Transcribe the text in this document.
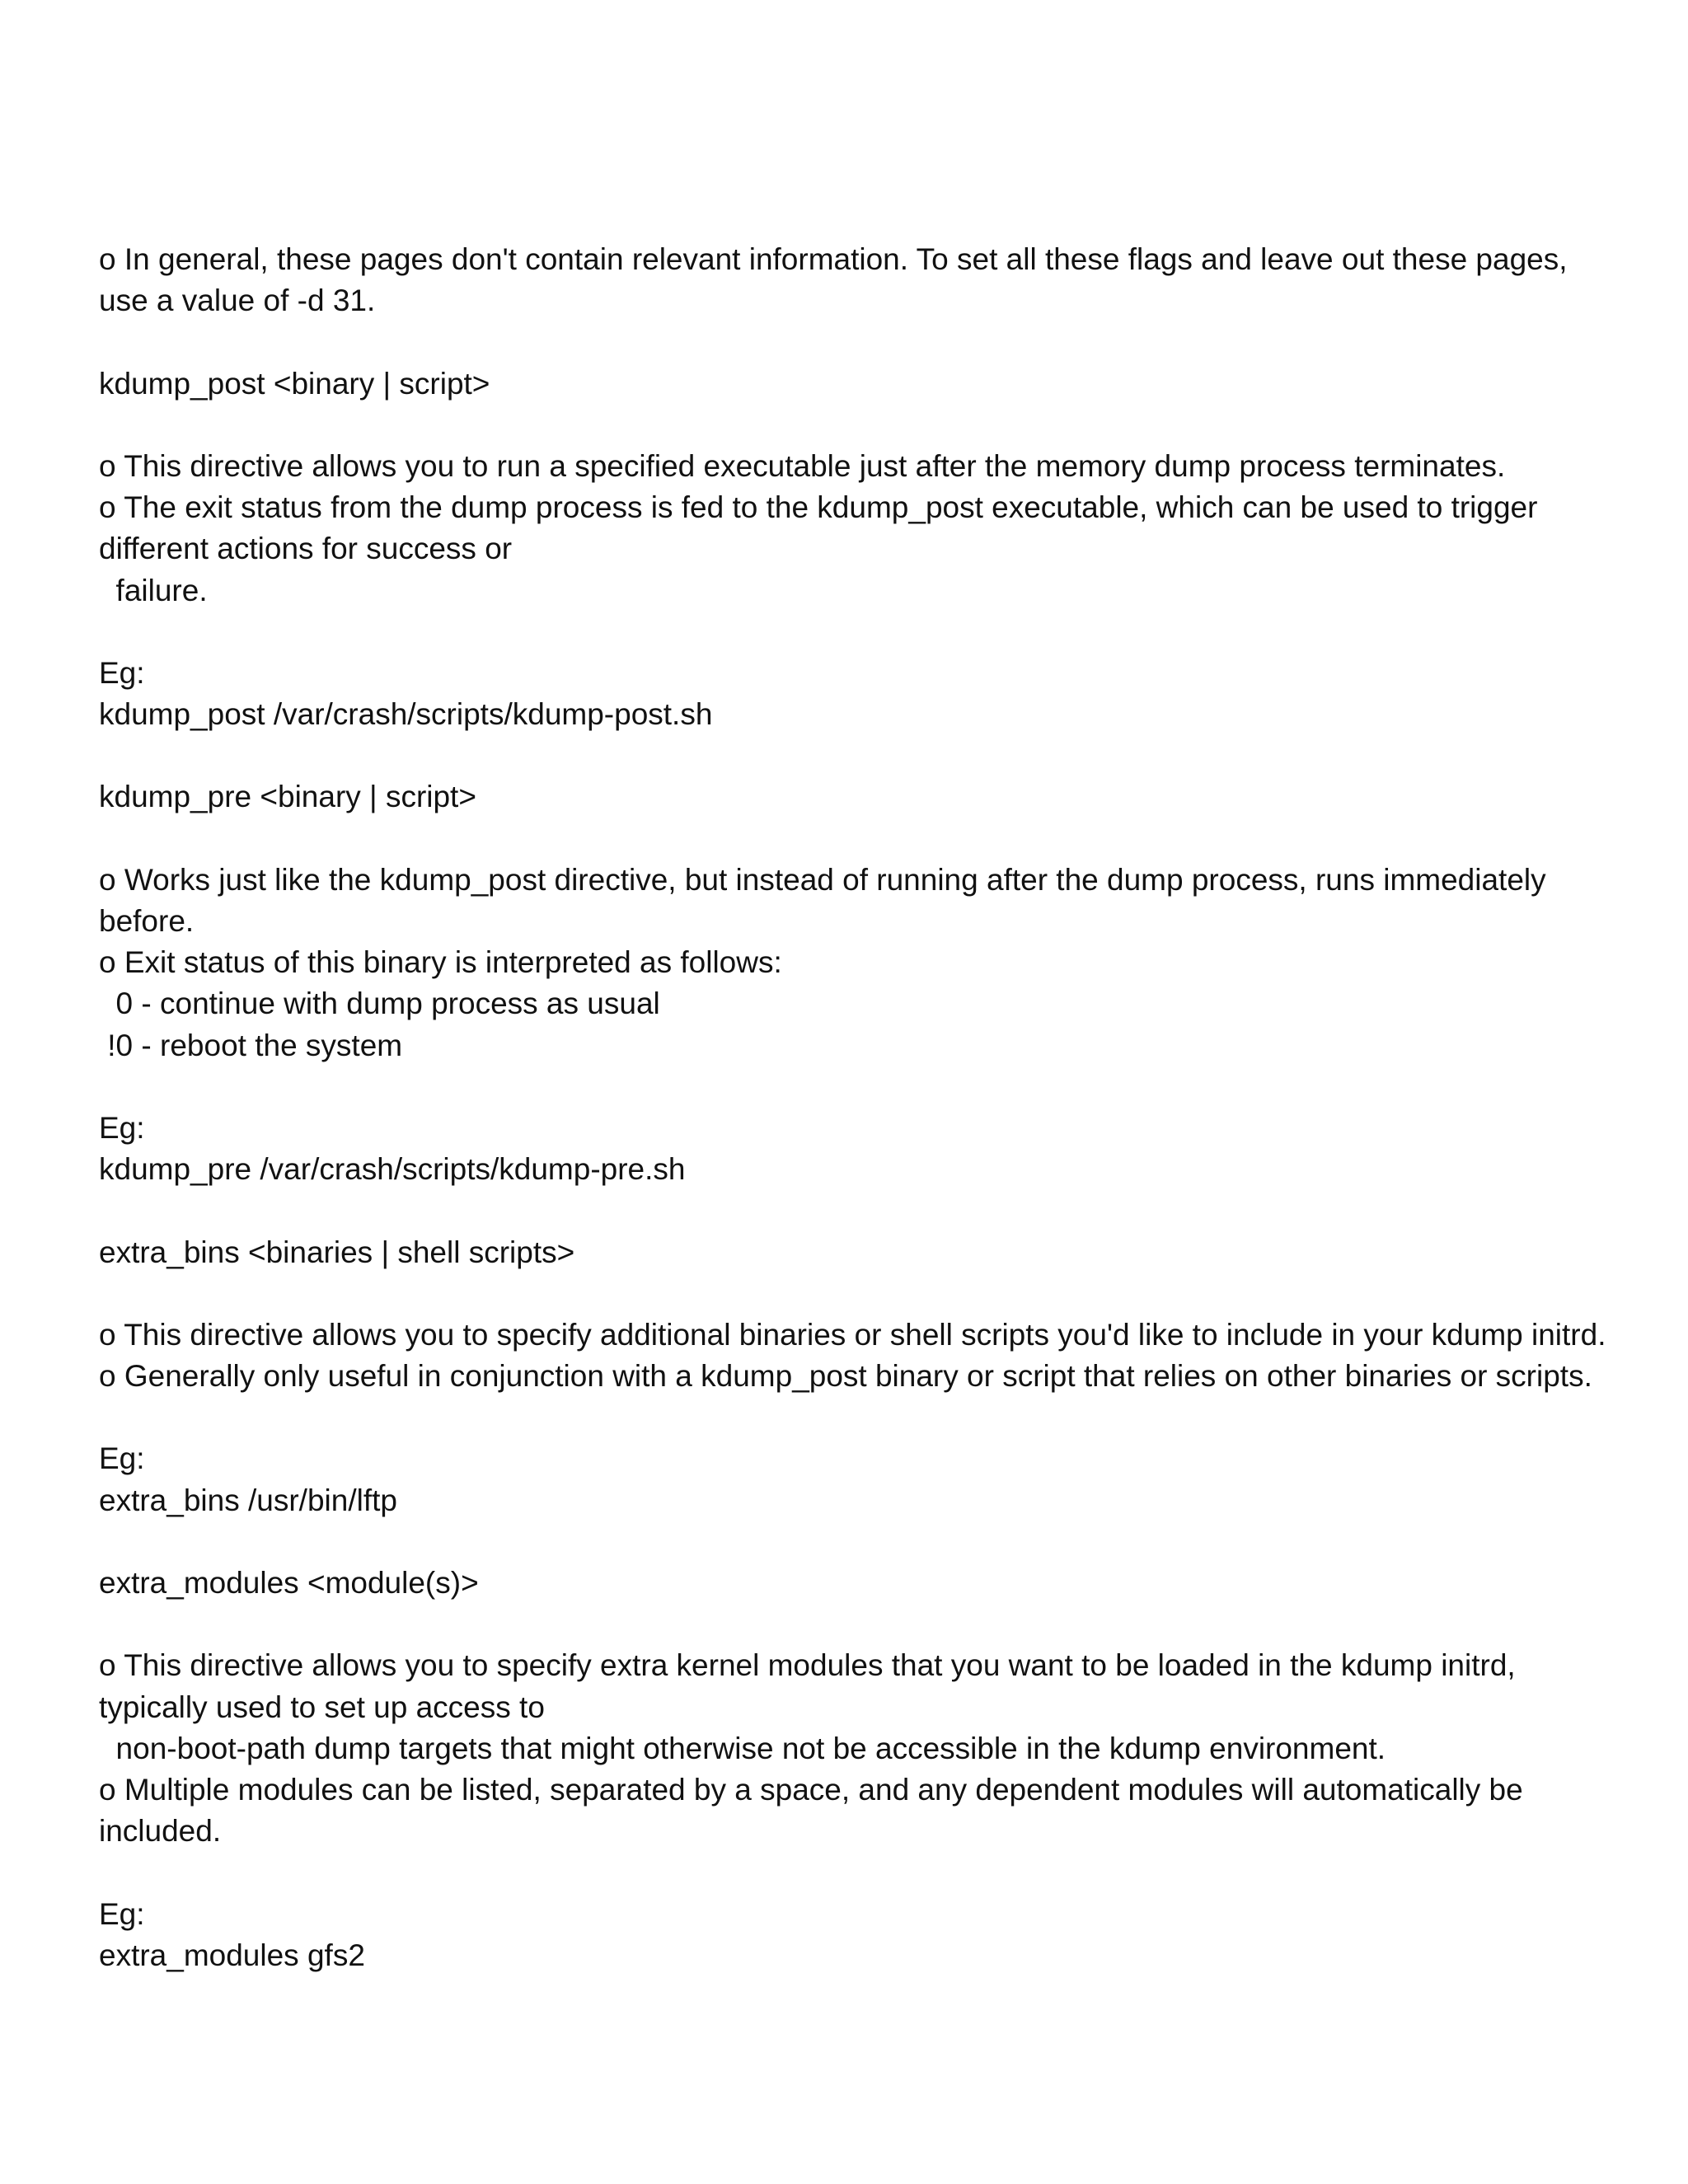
o In general, these pages don't contain relevant information. To set all these flags and leave out these pages,
use a value of -d 31.
kdump_post <binary | script>
o This directive allows you to run a specified executable just after the memory dump process terminates.
o The exit status from the dump process is fed to the kdump_post executable, which can be used to trigger
different actions for success or
failure.
Eg:
kdump_post /var/crash/scripts/kdump-post.sh
kdump_pre <binary | script>
o Works just like the kdump_post directive, but instead of running after the dump process, runs immediately
before.
o Exit status of this binary is interpreted as follows:
0 - continue with dump process as usual
!0 - reboot the system
Eg:
kdump_pre /var/crash/scripts/kdump-pre.sh
extra_bins <binaries | shell scripts>
o This directive allows you to specify additional binaries or shell scripts you'd like to include in your kdump initrd.
o Generally only useful in conjunction with a kdump_post binary or script that relies on other binaries or scripts.
Eg:
extra_bins /usr/bin/lftp
extra_modules <module(s)>
o This directive allows you to specify extra kernel modules that you want to be loaded in the kdump initrd,
typically used to set up access to
non-boot-path dump targets that might otherwise not be accessible in the kdump environment.
o Multiple modules can be listed, separated by a space, and any dependent modules will automatically be
included.
Eg:
extra_modules gfs2
